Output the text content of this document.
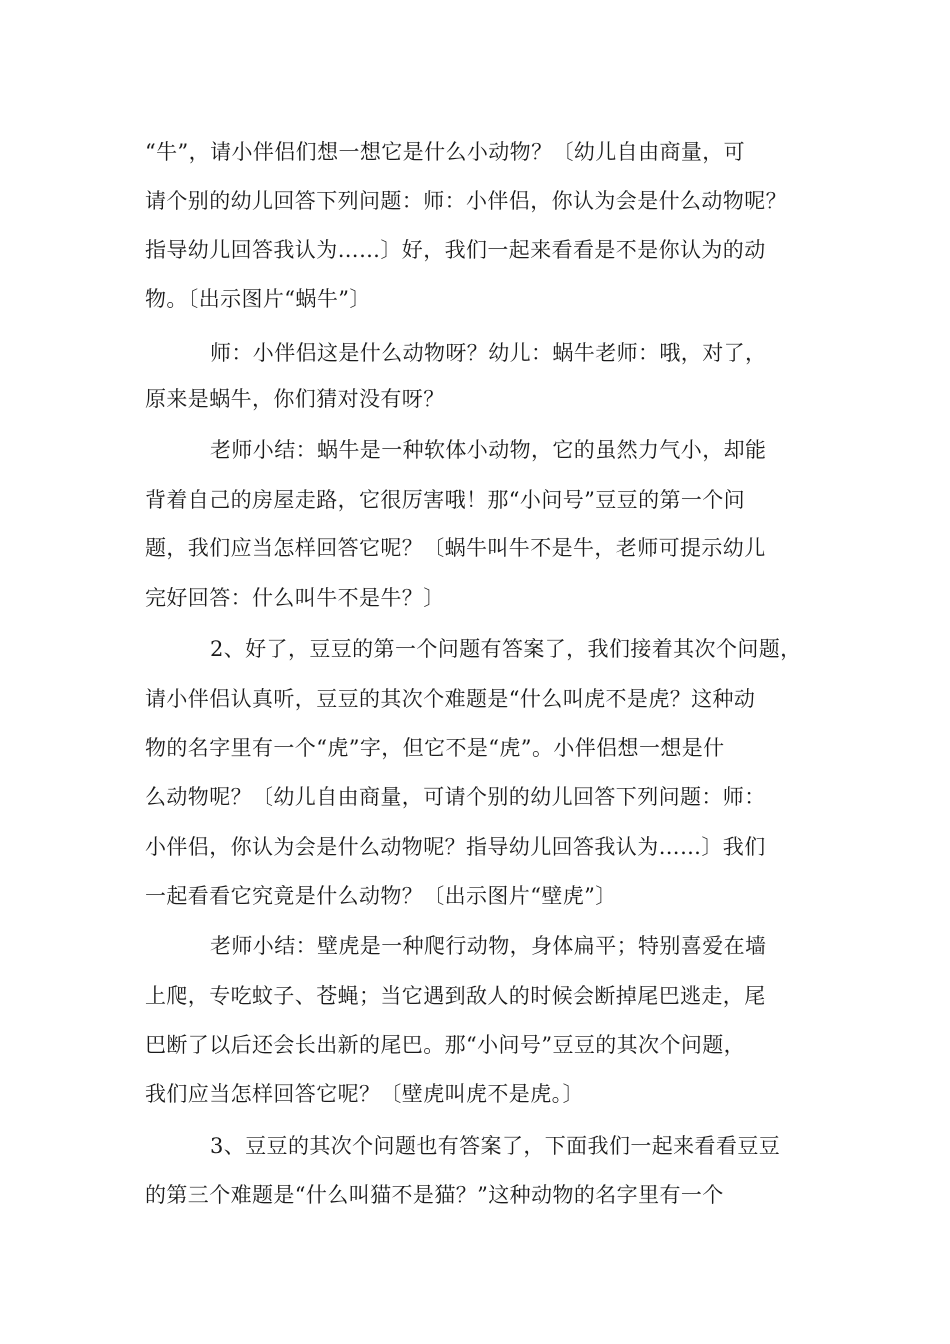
“牛”，请小伴侣们想一想它是什么小动物？〔幼儿自由商量，可
请个别的幼儿回答下列问题：师：小伴侣，你认为会是什么动物呢？
指导幼儿回答我认为……〕好，我们一起来看看是不是你认为的动
物。〔出示图片“蜗牛”〕
师：小伴侣这是什么动物呀？幼儿：蜗牛老师：哦，对了，
原来是蜗牛，你们猜对没有呀？
老师小结：蜗牛是一种软体小动物，它的虽然力气小，却能
背着自己的房屋走路，它很厉害哦！那“小问号”豆豆的第一个问
题，我们应当怎样回答它呢？〔蜗牛叫牛不是牛，老师可提示幼儿
完好回答：什么叫牛不是牛？〕
2、好了，豆豆的第一个问题有答案了，我们接着其次个问题，
请小伴侣认真听，豆豆的其次个难题是“什么叫虎不是虎？这种动
物的名字里有一个“虎”字，但它不是“虎”。小伴侣想一想是什
么动物呢？〔幼儿自由商量，可请个别的幼儿回答下列问题：师：
小伴侣，你认为会是什么动物呢？指导幼儿回答我认为……〕我们
一起看看它究竟是什么动物？〔出示图片“壁虎”〕
老师小结：壁虎是一种爬行动物，身体扁平；特别喜爱在墙
上爬，专吃蚊子、苍蝇；当它遇到敌人的时候会断掉尾巴逃走，尾
巴断了以后还会长出新的尾巴。那“小问号”豆豆的其次个问题，
我们应当怎样回答它呢？〔壁虎叫虎不是虎。〕
3、豆豆的其次个问题也有答案了，下面我们一起来看看豆豆
的第三个难题是“什么叫猫不是猫？”这种动物的名字里有一个
